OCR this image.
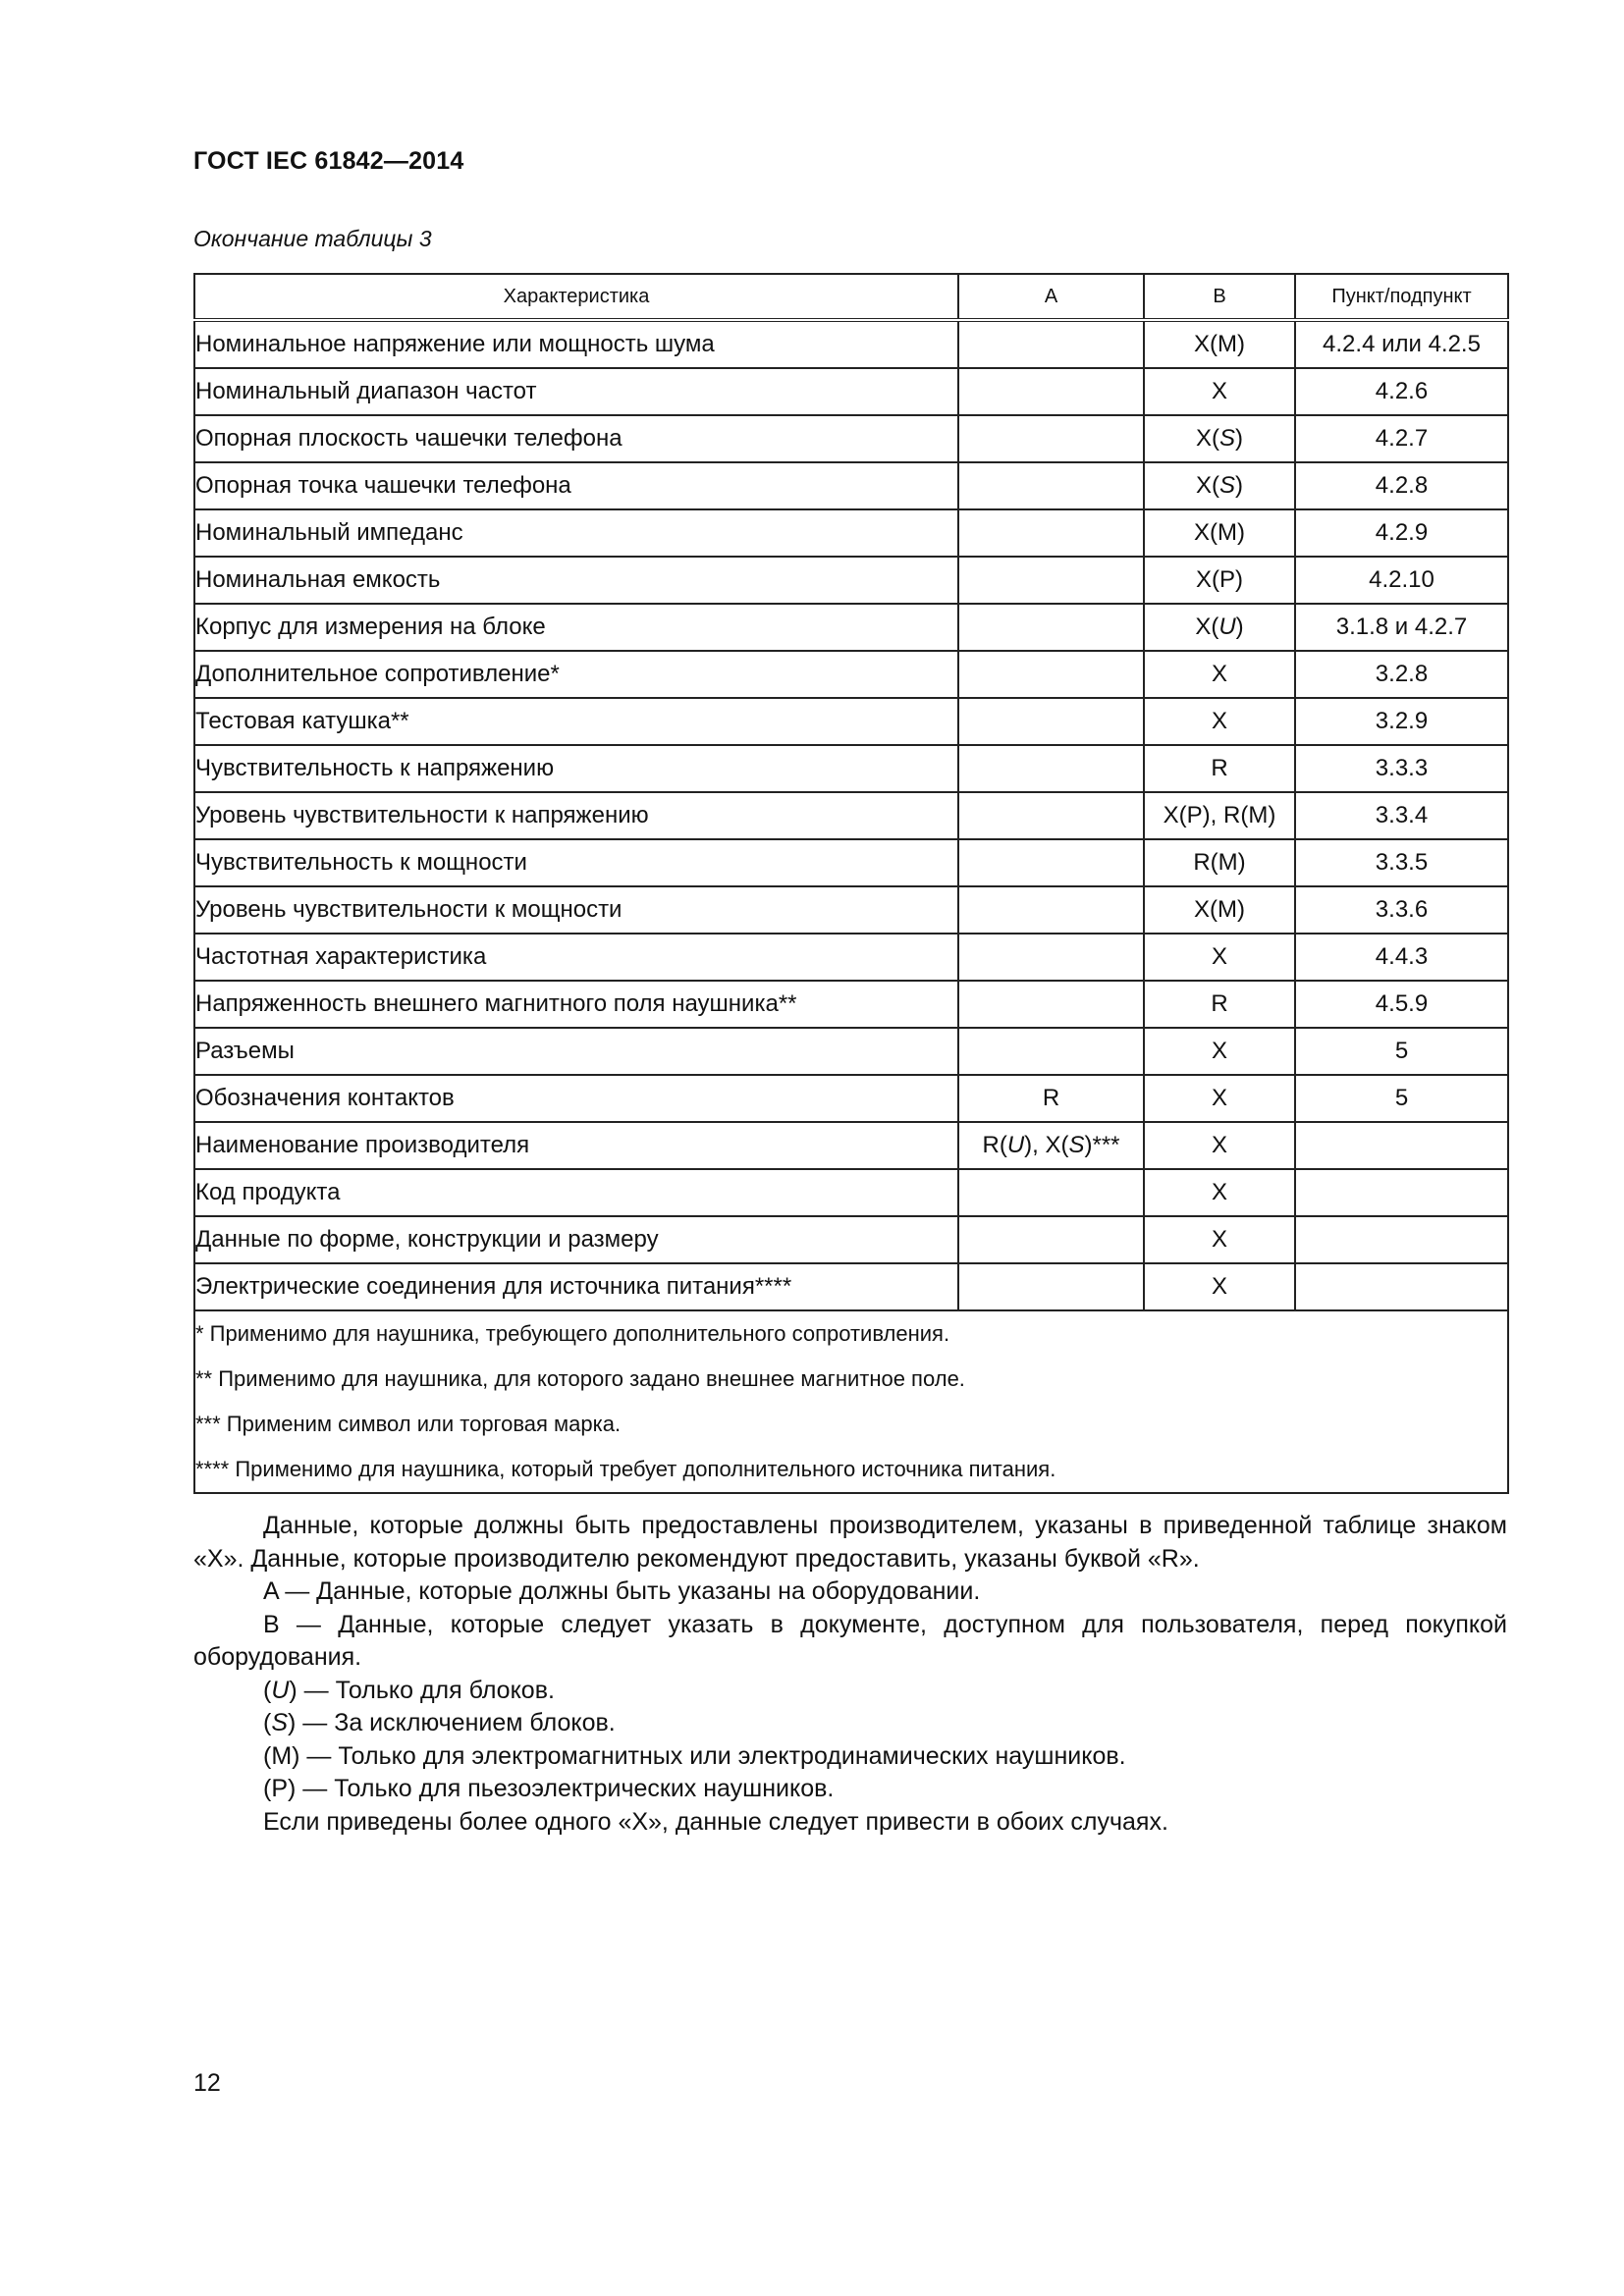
ГОСТ IEC 61842—2014
Окончание таблицы 3
Характеристика	A	B	Пункт/подпункт
Номинальное напряжение или мощность шума		X(M)	4.2.4 или 4.2.5
Номинальный диапазон частот		X	4.2.6
Опорная плоскость чашечки телефона		X(S)	4.2.7
Опорная точка чашечки телефона		X(S)	4.2.8
Номинальный импеданс		X(M)	4.2.9
Номинальная емкость		X(P)	4.2.10
Корпус для измерения на блоке		X(U)	3.1.8 и 4.2.7
Дополнительное сопротивление*		X	3.2.8
Тестовая катушка**		X	3.2.9
Чувствительность к напряжению		R	3.3.3
Уровень чувствительности к напряжению		X(P), R(M)	3.3.4
Чувствительность к мощности		R(M)	3.3.5
Уровень чувствительности к мощности		X(M)	3.3.6
Частотная характеристика		X	4.4.3
Напряженность внешнего магнитного поля наушника**		R	4.5.9
Разъемы		X	5
Обозначения контактов	R	X	5
Наименование производителя	R(U), X(S)***	X	
Код продукта		X	
Данные по форме, конструкции и размеру		X	
Электрические соединения для источника питания****		X	

* Применимо для наушника, требующего дополнительного сопротивления.
** Применимо для наушника, для которого задано внешнее магнитное поле.
*** Применим символ или торговая марка.
**** Применимо для наушника, который требует дополнительного источника питания.			

Данные, которые должны быть предоставлены производителем, указаны в приведенной таблице знаком «X». Данные, которые производителю рекомендуют предоставить, указаны буквой «R».

A — Данные, которые должны быть указаны на оборудовании.

B — Данные, которые следует указать в документе, доступном для пользователя, перед покупкой оборудования.

(U) — Только для блоков.

(S) — За исключением блоков.

(M) — Только для электромагнитных или электродинамических наушников.

(P) — Только для пьезоэлектрических наушников.

Если приведены более одного «X», данные следует привести в обоих случаях.

12
